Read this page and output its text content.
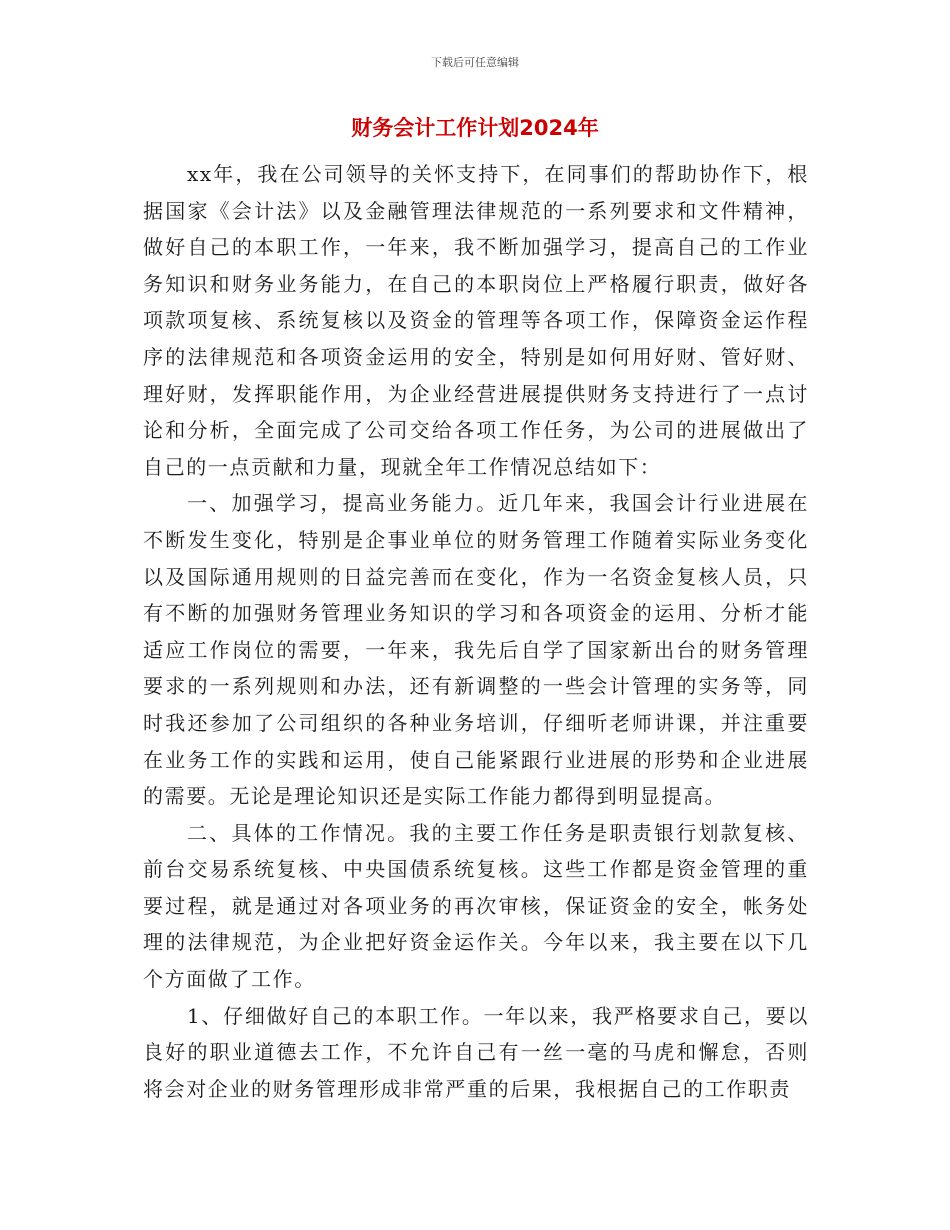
下载后可任意编辑
财务会计工作计划2024年

xx年，我在公司领导的关怀支持下，在同事们的帮助协作下，根据国家《会计法》以及金融管理法律规范的一系列要求和文件精神，做好自己的本职工作，一年来，我不断加强学习，提高自己的工作业务知识和财务业务能力，在自己的本职岗位上严格履行职责，做好各项款项复核、系统复核以及资金的管理等各项工作，保障资金运作程序的法律规范和各项资金运用的安全，特别是如何用好财、管好财、理好财，发挥职能作用，为企业经营进展提供财务支持进行了一点讨论和分析，全面完成了公司交给各项工作任务，为公司的进展做出了自己的一点贡献和力量，现就全年工作情况总结如下：

一、加强学习，提高业务能力。近几年来，我国会计行业进展在不断发生变化，特别是企事业单位的财务管理工作随着实际业务变化以及国际通用规则的日益完善而在变化，作为一名资金复核人员，只有不断的加强财务管理业务知识的学习和各项资金的运用、分析才能适应工作岗位的需要，一年来，我先后自学了国家新出台的财务管理要求的一系列规则和办法，还有新调整的一些会计管理的实务等，同时我还参加了公司组织的各种业务培训，仔细听老师讲课，并注重要在业务工作的实践和运用，使自己能紧跟行业进展的形势和企业进展的需要。无论是理论知识还是实际工作能力都得到明显提高。

二、具体的工作情况。我的主要工作任务是职责银行划款复核、前台交易系统复核、中央国债系统复核。这些工作都是资金管理的重要过程，就是通过对各项业务的再次审核，保证资金的安全，帐务处理的法律规范，为企业把好资金运作关。今年以来，我主要在以下几个方面做了工作。

1、仔细做好自己的本职工作。一年以来，我严格要求自己，要以良好的职业道德去工作，不允许自己有一丝一毫的马虎和懈怠，否则将会对企业的财务管理形成非常严重的后果，我根据自己的工作职责
